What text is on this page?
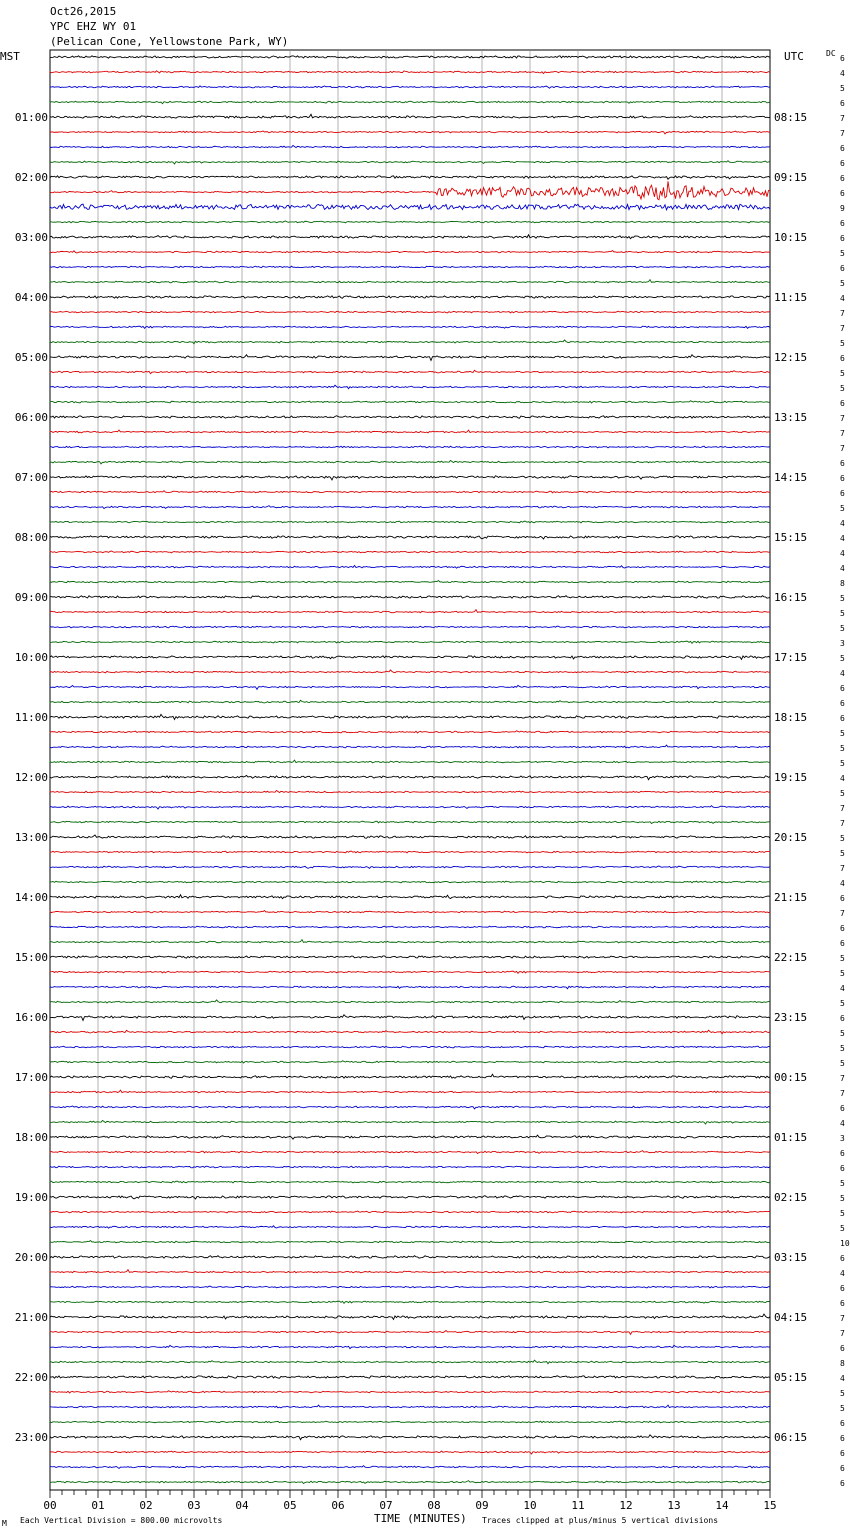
Oct26,2015
YPC EHZ WY 01
(Pelican Cone, Yellowstone Park, WY)
MST	UTC	DC
6
4
5
6
7
7
6
6
6
6
9
6
6
5
6
5
4
7
7
5
6
5
5
6
7
7
7
6
6
6
5
4
4
4
4
8
5
5
5
3
5
4
6
6
6
5
5
5
4
5
7
7
5
5
7
4
6
7
6
6
5
5
4
5
6
5
5
5
7
7
6
4
3
6
6
5
5
5
5
10
6
4
6
6
7
7
6
8
4
5
5
6
6
6
6
6
01:00
02:00
03:00
04:00
05:00
06:00
07:00
08:00
09:00
10:00
11:00
12:00
13:00
14:00
15:00
16:00
17:00
18:00
19:00
20:00
21:00
22:00
23:00
08:15
09:15
10:15
11:15
12:15
13:15
14:15
15:15
16:15
17:15
18:15
19:15
20:15
21:15
22:15
23:15
00:15
01:15
02:15
03:15
04:15
05:15
06:15
00	01	02	03	04	05	06	07	08	09	10	11	12	13	14	15
M Each Vertical Division = 800.00 microvolts	TIME (MINUTES) Traces clipped at plus/minus 5 vertical divisions
